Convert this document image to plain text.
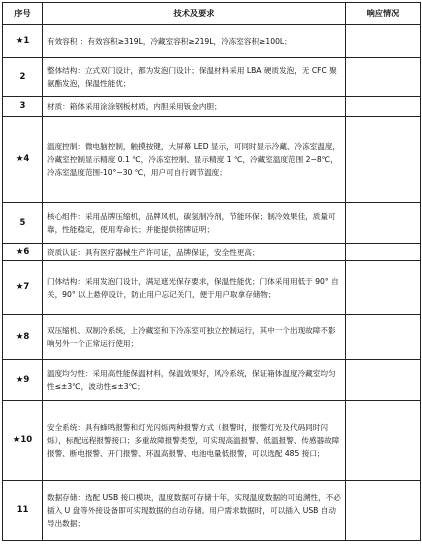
序号	技术及要求	响应情况
★1	有效容积 ：有效容积≥319L，冷藏室容积≥219L，冷冻室容积≥100L；	
2	整体结构：立式双门设计，都为发泡门设计；保温材料采用 LBA 硬质发泡，无 CFC 聚氨酯发泡，保温性能优；	
3	材质：箱体采用涂涂钢板材质，内胆采用钣金内胆；	
★4	温度控制：微电脑控制，触摸按键，大屏幕 LED 显示，可同时显示冷藏、冷冻室温度，冷藏室控制显示精度 0.1 ℃，冷冻室控制、显示精度 1 ℃，冷藏室温度范围 2~8℃，冷冻室温度范围-10°~30 ℃，用户可自行调节温度；	
5	核心组件：采用品牌压缩机，品牌风机，碳氢制冷剂，节能环保；制冷效果佳，质量可靠，性能稳定，使用寿命长；并能提供铭牌证明；	
★6	资质认证：具有医疗器械生产许可证，品牌保证，安全性更高；	
★7	门体结构：采用发泡门设计，满足遮光保存要求，保温性能优；门体采用用低于 90° 自关，90° 以上悬停设计，防止用户忘记关门，便于用户取拿存储物；	
★8	双压缩机、双制冷系统，上冷藏室和下冷冻室可独立控制运行，其中一个出现故障不影响另外一个正常运行使用；	
★9	温度均匀性：采用高性能保温材料，保温效果好，风冷系统，保证箱体温度冷藏室均匀性≤±3℃，波动性≤±3℃；	
★10	安全系统：具有蜂鸣报警和灯光闪烁两种报警方式（报警时，报警灯光及代码同时闪烁），标配远程报警接口；多重故障报警类型，可实现高温报警、低温报警、传感器故障报警、断电报警、开门报警、环温高报警、电池电量低报警，可以选配 485 接口；	
11	数据存储：选配 USB 接口模块，温度数据可存储十年，实现温度数据的可追溯性，不必插入 U 盘等外接设备即可实现数据的自动存储。用户需求数据时，可以插入 USB 自动导出数据；	
